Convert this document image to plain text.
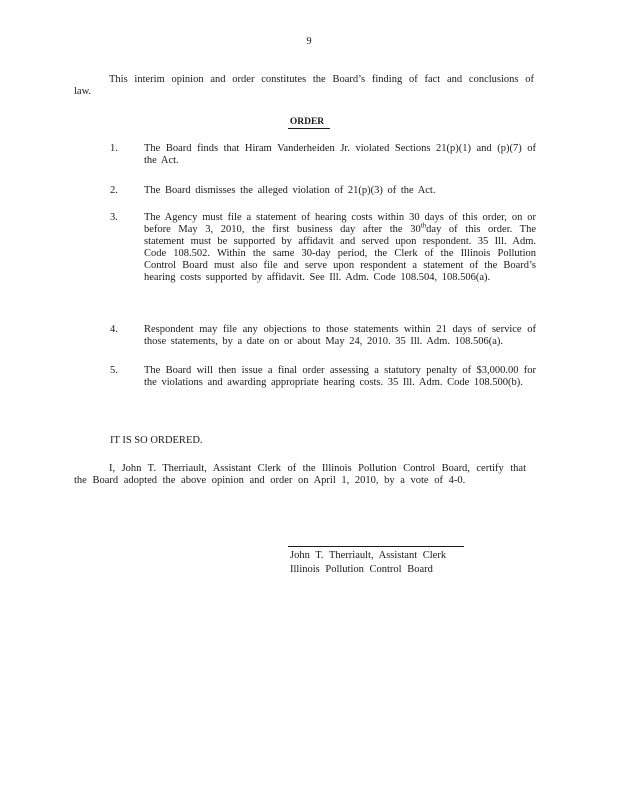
9

This interim opinion and order constitutes the Board’s finding of fact and conclusions of law.

ORDER
1. The Board finds that Hiram Vanderheiden Jr. violated Sections 21(p)(1) and (p)(7) of the Act.
2. The Board dismisses the alleged violation of 21(p)(3) of the Act.
3. The Agency must file a statement of hearing costs within 30 days of this order, on or before May 3, 2010, the first business day after the 30thday of this order. The statement must be supported by affidavit and served upon respondent. 35 Ill. Adm. Code 108.502. Within the same 30-day period, the Clerk of the Illinois Pollution Control Board must also file and serve upon respondent a statement of the Board’s hearing costs supported by affidavit. See Ill. Adm. Code 108.504, 108.506(a).
4. Respondent may file any objections to those statements within 21 days of service of those statements, by a date on or about May 24, 2010. 35 Ill. Adm. 108.506(a).
5. The Board will then issue a final order assessing a statutory penalty of $3,000.00 for the violations and awarding appropriate hearing costs. 35 Ill. Adm. Code 108.500(b).
IT IS SO ORDERED.

I, John T. Therriault, Assistant Clerk of the Illinois Pollution Control Board, certify that the Board adopted the above opinion and order on April 1, 2010, by a vote of 4-0.

John T. Therriault, Assistant Clerk
Illinois Pollution Control Board
